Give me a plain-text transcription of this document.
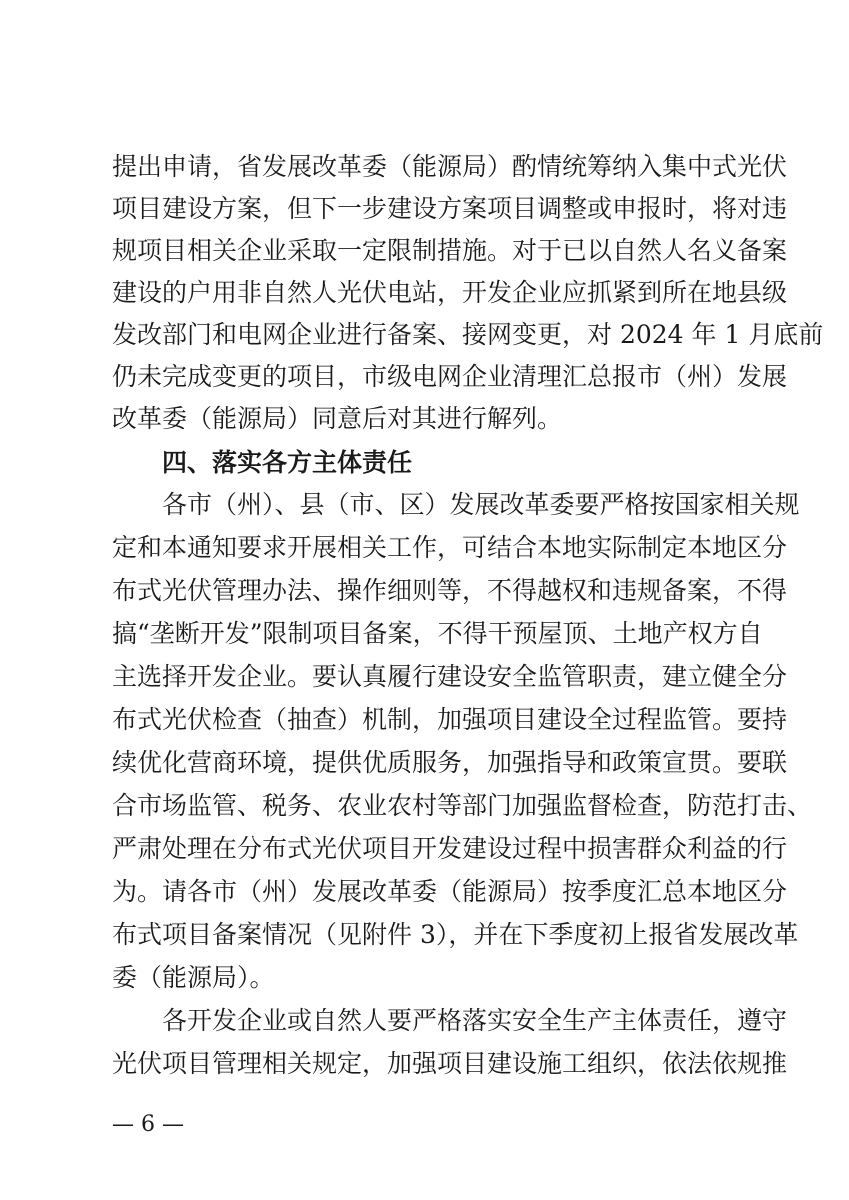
提出申请，省发展改革委（能源局）酌情统筹纳入集中式光伏
项目建设方案，但下一步建设方案项目调整或申报时，将对违
规项目相关企业采取一定限制措施。对于已以自然人名义备案
建设的户用非自然人光伏电站，开发企业应抓紧到所在地县级
发改部门和电网企业进行备案、接网变更，对 2024 年 1 月底前
仍未完成变更的项目，市级电网企业清理汇总报市（州）发展
改革委（能源局）同意后对其进行解列。
四、落实各方主体责任
各市（州）、县（市、区）发展改革委要严格按国家相关规
定和本通知要求开展相关工作，可结合本地实际制定本地区分
布式光伏管理办法、操作细则等，不得越权和违规备案，不得
搞“垄断开发”限制项目备案，不得干预屋顶、土地产权方自
主选择开发企业。要认真履行建设安全监管职责，建立健全分
布式光伏检查（抽查）机制，加强项目建设全过程监管。要持
续优化营商环境，提供优质服务，加强指导和政策宣贯。要联
合市场监管、税务、农业农村等部门加强监督检查，防范打击、
严肃处理在分布式光伏项目开发建设过程中损害群众利益的行
为。请各市（州）发展改革委（能源局）按季度汇总本地区分
布式项目备案情况（见附件 3），并在下季度初上报省发展改革
委（能源局）。
各开发企业或自然人要严格落实安全生产主体责任，遵守
光伏项目管理相关规定，加强项目建设施工组织，依法依规推
— 6 —
